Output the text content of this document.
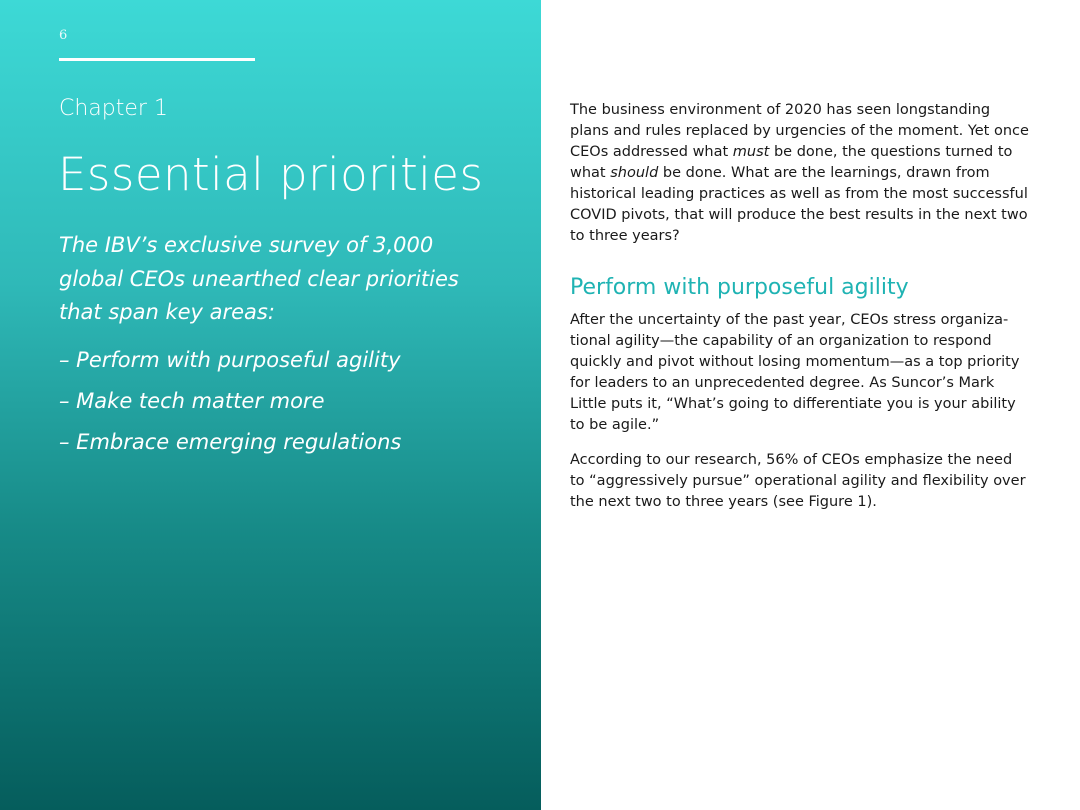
6
Chapter 1
Essential priorities

The IBV’s exclusive survey of 3,000 global CEOs unearthed clear priorities that span key areas:

– Perform with purposeful agility
– Make tech matter more
– Embrace emerging regulations

The business environment of 2020 has seen longstanding plans and rules replaced by urgencies of the moment. Yet once CEOs addressed what must be done, the questions turned to what should be done. What are the learnings, drawn from historical leading practices as well as from the most successful COVID pivots, that will produce the best results in the next two to three years?

Perform with purposeful agility

After the uncertainty of the past year, CEOs stress organiza-tional agility—the capability of an organization to respond quickly and pivot without losing momentum—as a top priority for leaders to an unprecedented degree. As Suncor’s Mark Little puts it, “What’s going to differentiate you is your ability to be agile.”

According to our research, 56% of CEOs emphasize the need to “aggressively pursue” operational agility and flexibility over the next two to three years (see Figure 1).
